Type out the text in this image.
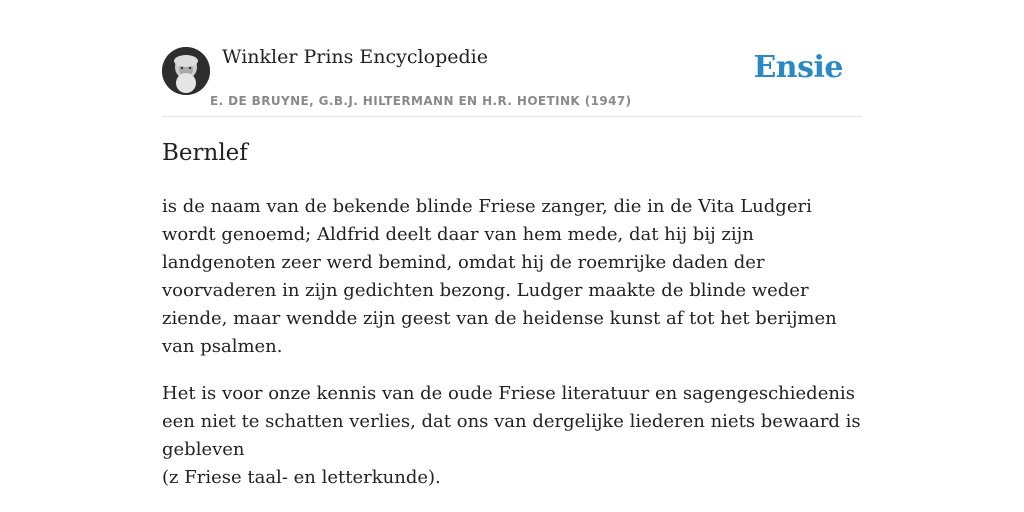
Winkler Prins Encyclopedie
E. DE BRUYNE, G.B.J. HILTERMANN EN H.R. HOETINK (1947)
Ensie
Bernlef

is de naam van de bekende blinde Friese zanger, die in de Vita Ludgeri wordt genoemd; Aldfrid deelt daar van hem mede, dat hij bij zijn landgenoten zeer werd bemind, omdat hij de roemrijke daden der voorvaderen in zijn gedichten bezong. Ludger maakte de blinde weder ziende, maar wendde zijn geest van de heidense kunst af tot het berijmen van psalmen.

Het is voor onze kennis van de oude Friese literatuur en sagengeschiedenis een niet te schatten verlies, dat ons van dergelijke liederen niets bewaard is gebleven
(z Friese taal- en letterkunde).
